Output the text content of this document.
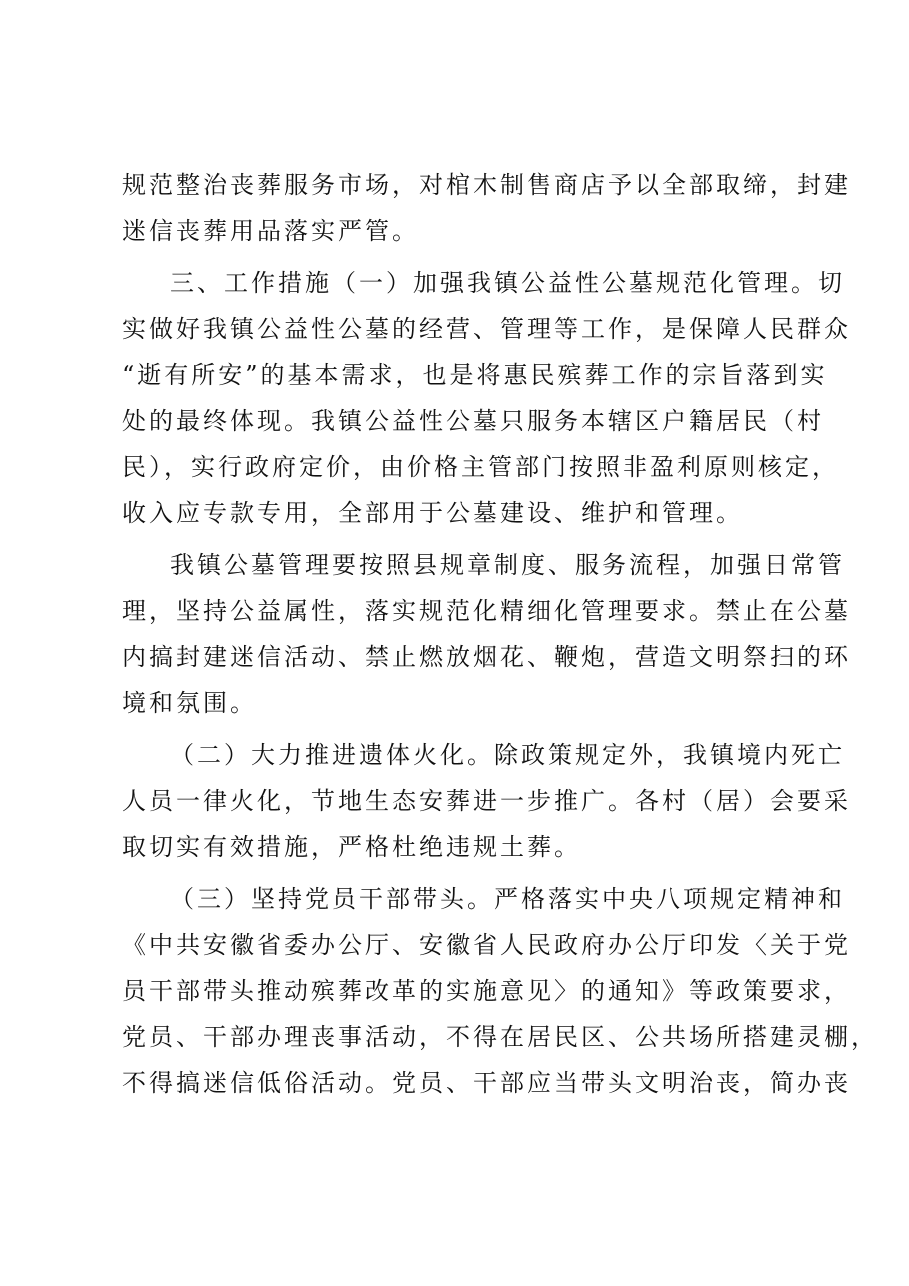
规范整治丧葬服务市场，对棺木制售商店予以全部取缔，封建
迷信丧葬用品落实严管。
三、工作措施（一）加强我镇公益性公墓规范化管理。切
实做好我镇公益性公墓的经营、管理等工作，是保障人民群众
“逝有所安”的基本需求，也是将惠民殡葬工作的宗旨落到实
处的最终体现。我镇公益性公墓只服务本辖区户籍居民（村
民），实行政府定价，由价格主管部门按照非盈利原则核定，
收入应专款专用，全部用于公墓建设、维护和管理。
我镇公墓管理要按照县规章制度、服务流程，加强日常管
理，坚持公益属性，落实规范化精细化管理要求。禁止在公墓
内搞封建迷信活动、禁止燃放烟花、鞭炮，营造文明祭扫的环
境和氛围。
（二）大力推进遗体火化。除政策规定外，我镇境内死亡
人员一律火化，节地生态安葬进一步推广。各村（居）会要采
取切实有效措施，严格杜绝违规土葬。
（三）坚持党员干部带头。严格落实中央八项规定精神和
《中共安徽省委办公厅、安徽省人民政府办公厅印发〈关于党
员干部带头推动殡葬改革的实施意见〉的通知》等政策要求，
党员、干部办理丧事活动，不得在居民区、公共场所搭建灵棚，
不得搞迷信低俗活动。党员、干部应当带头文明治丧，简办丧
